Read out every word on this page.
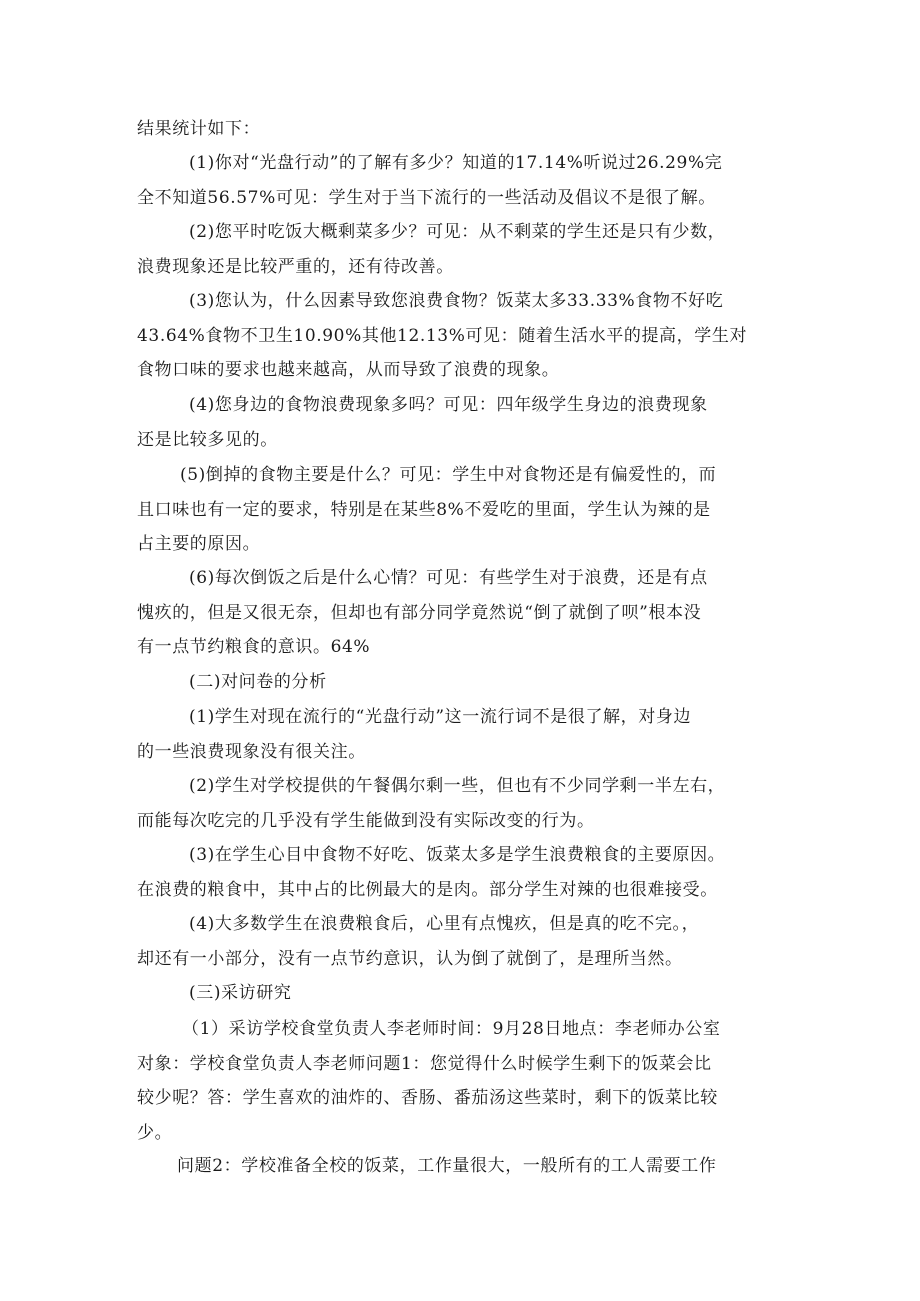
结果统计如下：
(1)你对“光盘行动”的了解有多少？知道的17.14%听说过26.29%完
全不知道56.57%可见：学生对于当下流行的一些活动及倡议不是很了解。
(2)您平时吃饭大概剩菜多少？可见：从不剩菜的学生还是只有少数，
浪费现象还是比较严重的，还有待改善。
(3)您认为，什么因素导致您浪费食物？饭菜太多33.33%食物不好吃
43.64%食物不卫生10.90%其他12.13%可见：随着生活水平的提高，学生对
食物口味的要求也越来越高，从而导致了浪费的现象。
(4)您身边的食物浪费现象多吗？可见：四年级学生身边的浪费现象
还是比较多见的。
(5)倒掉的食物主要是什么？可见：学生中对食物还是有偏爱性的，而
且口味也有一定的要求，特别是在某些8%不爱吃的里面，学生认为辣的是
占主要的原因。
(6)每次倒饭之后是什么心情？可见：有些学生对于浪费，还是有点
愧疚的，但是又很无奈，但却也有部分同学竟然说“倒了就倒了呗”根本没
有一点节约粮食的意识。64%
(二)对问卷的分析
(1)学生对现在流行的“光盘行动”这一流行词不是很了解，对身边
的一些浪费现象没有很关注。
(2)学生对学校提供的午餐偶尔剩一些，但也有不少同学剩一半左右，
而能每次吃完的几乎没有学生能做到没有实际改变的行为。
(3)在学生心目中食物不好吃、饭菜太多是学生浪费粮食的主要原因。
在浪费的粮食中，其中占的比例最大的是肉。部分学生对辣的也很难接受。
(4)大多数学生在浪费粮食后，心里有点愧疚，但是真的吃不完。，
却还有一小部分，没有一点节约意识，认为倒了就倒了，是理所当然。
(三)采访研究
（1）采访学校食堂负责人李老师时间：9月28日地点：李老师办公室
对象：学校食堂负责人李老师问题1：您觉得什么时候学生剩下的饭菜会比
较少呢？答：学生喜欢的油炸的、香肠、番茄汤这些菜时，剩下的饭菜比较
少。
问题2：学校准备全校的饭菜，工作量很大，一般所有的工人需要工作
